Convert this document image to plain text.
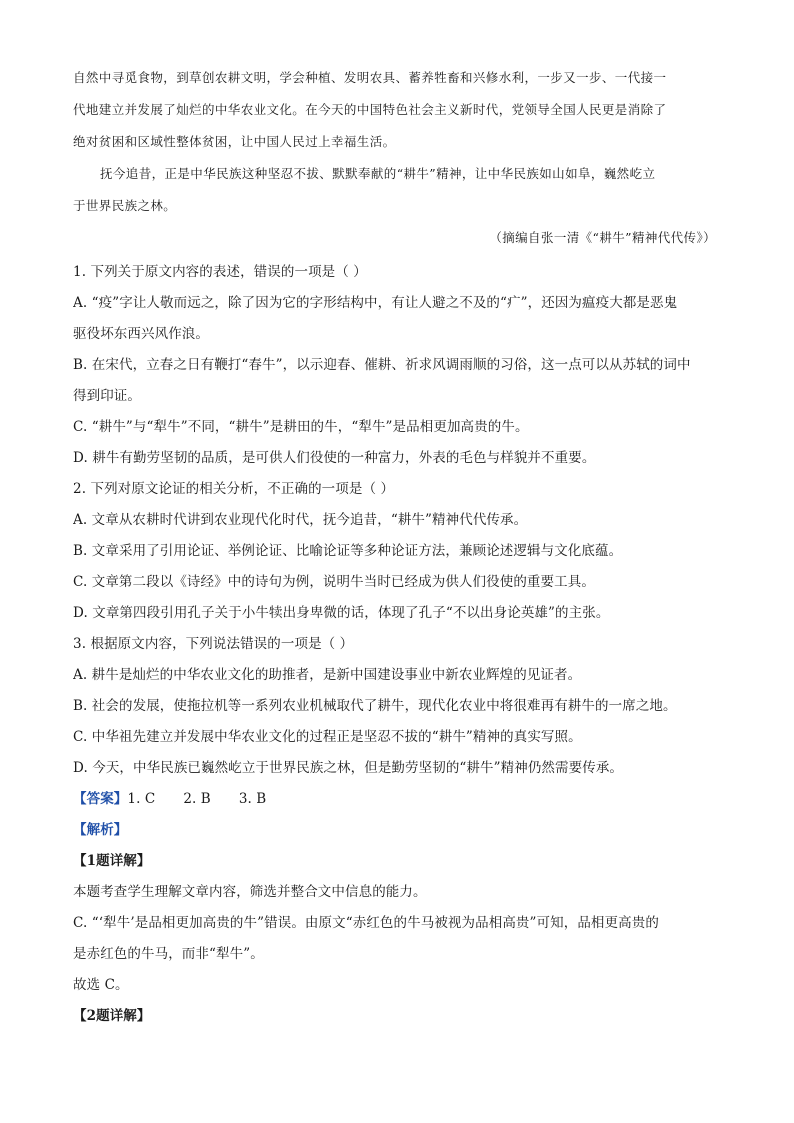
自然中寻觅食物，到草创农耕文明，学会种植、发明农具、蓄养牲畜和兴修水利，一步又一步、一代接一
代地建立并发展了灿烂的中华农业文化。在今天的中国特色社会主义新时代，党领导全国人民更是消除了
绝对贫困和区域性整体贫困，让中国人民过上幸福生活。
抚今追昔，正是中华民族这种坚忍不拔、默默奉献的“耕牛”精神，让中华民族如山如阜，巍然屹立
于世界民族之林。
（摘编自张一清《“耕牛”精神代代传》）
1. 下列关于原文内容的表述，错误的一项是（ ）
A. “疫”字让人敬而远之，除了因为它的字形结构中，有让人避之不及的“疒”，还因为瘟疫大都是恶鬼
驱役坏东西兴风作浪。
B. 在宋代，立春之日有鞭打“春牛”，以示迎春、催耕、祈求风调雨顺的习俗，这一点可以从苏轼的词中
得到印证。
C. “耕牛”与“犁牛”不同，“耕牛”是耕田的牛，“犁牛”是品相更加高贵的牛。
D. 耕牛有勤劳坚韧的品质，是可供人们役使的一种富力，外表的毛色与样貌并不重要。
2. 下列对原文论证的相关分析，不正确的一项是（ ）
A. 文章从农耕时代讲到农业现代化时代，抚今追昔，“耕牛”精神代代传承。
B. 文章采用了引用论证、举例论证、比喻论证等多种论证方法，兼顾论述逻辑与文化底蕴。
C. 文章第二段以《诗经》中的诗句为例，说明牛当时已经成为供人们役使的重要工具。
D. 文章第四段引用孔子关于小牛犊出身卑微的话，体现了孔子“不以出身论英雄”的主张。
3. 根据原文内容，下列说法错误的一项是（ ）
A. 耕牛是灿烂的中华农业文化的助推者，是新中国建设事业中新农业辉煌的见证者。
B. 社会的发展，使拖拉机等一系列农业机械取代了耕牛，现代化农业中将很难再有耕牛的一席之地。
C. 中华祖先建立并发展中华农业文化的过程正是坚忍不拔的“耕牛”精神的真实写照。
D. 今天，中华民族已巍然屹立于世界民族之林，但是勤劳坚韧的“耕牛”精神仍然需要传承。
【答案】1. C 2. B 3. B
【解析】
【1题详解】
本题考查学生理解文章内容，筛选并整合文中信息的能力。
C. “‘犁牛’是品相更加高贵的牛”错误。由原文“赤红色的牛马被视为品相高贵”可知，品相更高贵的
是赤红色的牛马，而非“犁牛”。
故选 C。
【2题详解】
